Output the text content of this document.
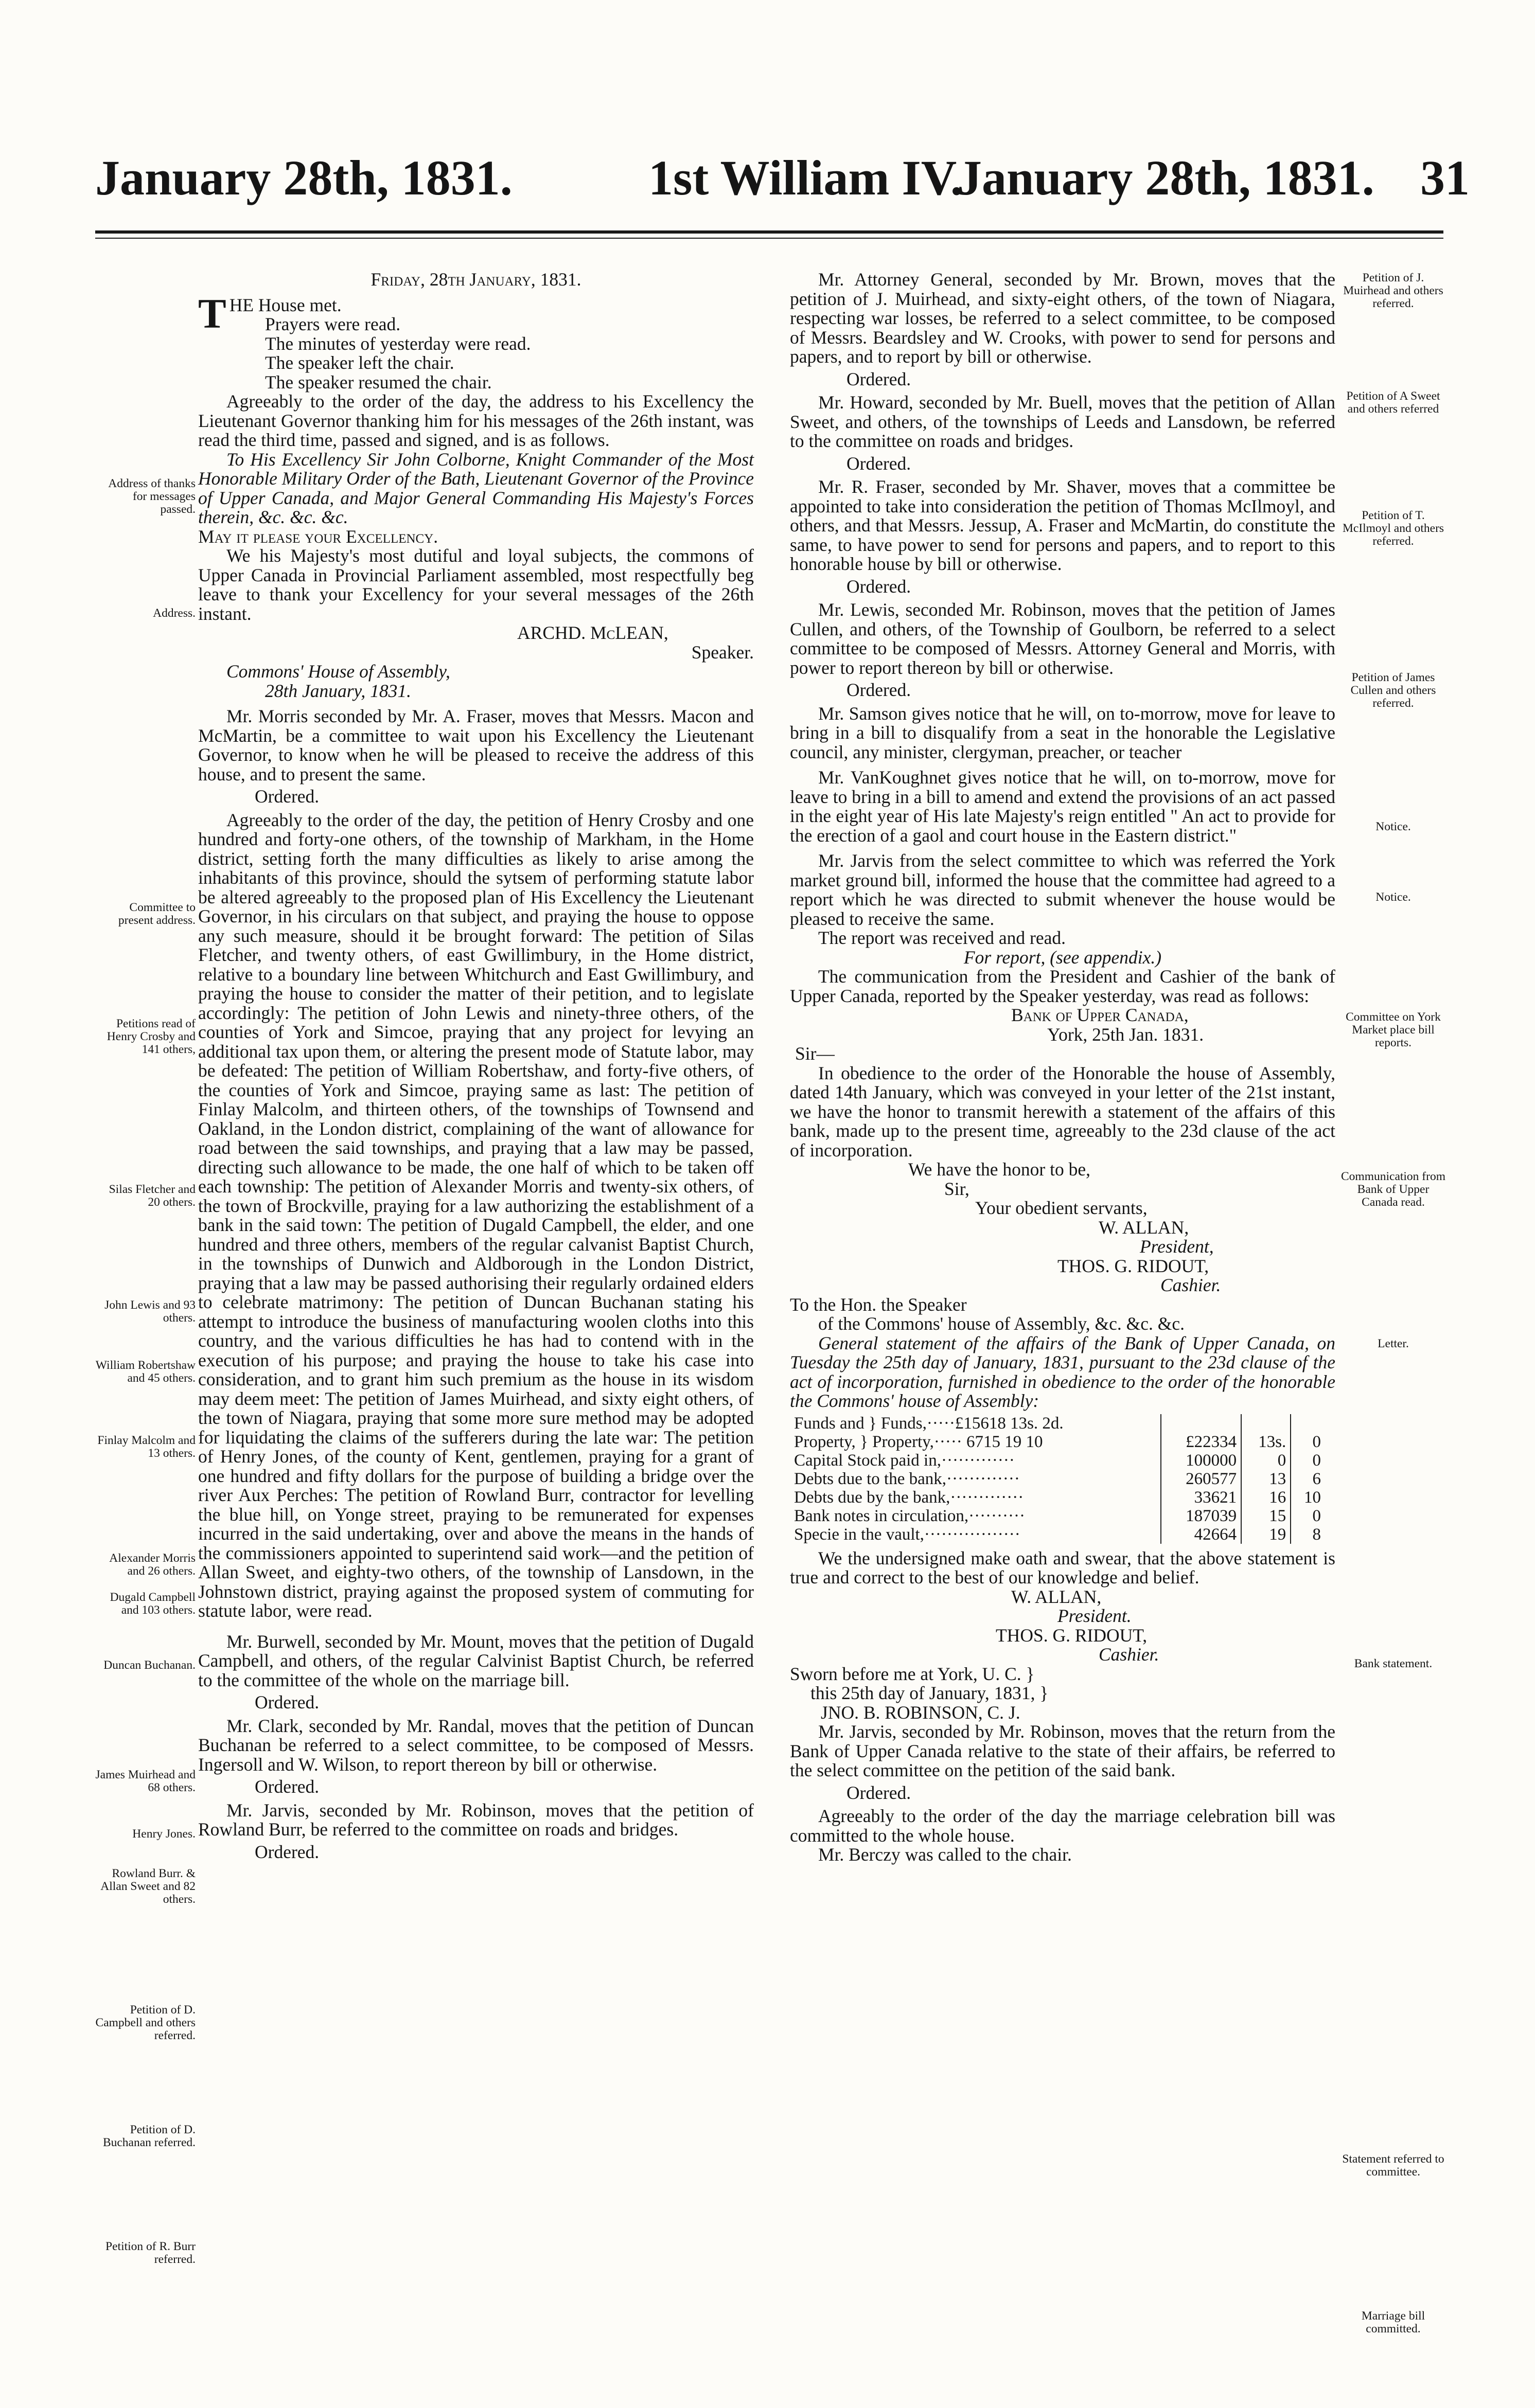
January 28th, 1831.	1st William IV.
January 28th, 1831. 31

Friday, 28th January, 1831.

THE House met.

Prayers were read.

The minutes of yesterday were read.

The speaker left the chair.

The speaker resumed the chair.

Agreeably to the order of the day, the address to his Excellency the Lieutenant Governor thanking him for his messages of the 26th instant, was read the third time, passed and signed, and is as follows.

To His Excellency Sir John Colborne, Knight Commander of the Most Honorable Military Order of the Bath, Lieutenant Governor of the Province of Upper Canada, and Major General Commanding His Majesty's Forces therein, &c. &c. &c.

May it please your Excellency.

We his Majesty's most dutiful and loyal subjects, the commons of Upper Canada in Provincial Parliament assembled, most respectfully beg leave to thank your Excellency for your several messages of the 26th instant.

ARCHD. McLEAN,

Speaker.

Commons' House of Assembly,

28th January, 1831.

Mr. Morris seconded by Mr. A. Fraser, moves that Messrs. Macon and McMartin, be a committee to wait upon his Excellency the Lieutenant Governor, to know when he will be pleased to receive the address of this house, and to present the same.

Ordered.

Agreeably to the order of the day, the petition of Henry Crosby and one hundred and forty-one others, of the township of Markham, in the Home district, setting forth the many difficulties as likely to arise among the inhabitants of this province, should the sytsem of performing statute labor be altered agreeably to the proposed plan of His Excellency the Lieutenant Governor, in his circulars on that subject, and praying the house to oppose any such measure, should it be brought forward: The petition of Silas Fletcher, and twenty others, of east Gwillimbury, in the Home district, relative to a boundary line between Whitchurch and East Gwillimbury, and praying the house to consider the matter of their petition, and to legislate accordingly: The petition of John Lewis and ninety-three others, of the counties of York and Simcoe, praying that any project for levying an additional tax upon them, or altering the present mode of Statute labor, may be defeated: The petition of William Robertshaw, and forty-five others, of the counties of York and Simcoe, praying same as last: The petition of Finlay Malcolm, and thirteen others, of the townships of Townsend and Oakland, in the London district, complaining of the want of allowance for road between the said townships, and praying that a law may be passed, directing such allowance to be made, the one half of which to be taken off each township: The petition of Alexander Morris and twenty-six others, of the town of Brockville, praying for a law authorizing the establishment of a bank in the said town: The petition of Dugald Campbell, the elder, and one hundred and three others, members of the regular calvanist Baptist Church, in the townships of Dunwich and Aldborough in the London District, praying that a law may be passed authorising their regularly ordained elders to celebrate matrimony: The petition of Duncan Buchanan stating his attempt to introduce the business of manufacturing woolen cloths into this country, and the various difficulties he has had to contend with in the execution of his purpose; and praying the house to take his case into consideration, and to grant him such premium as the house in its wisdom may deem meet: The petition of James Muirhead, and sixty eight others, of the town of Niagara, praying that some more sure method may be adopted for liquidating the claims of the sufferers during the late war: The petition of Henry Jones, of the county of Kent, gentlemen, praying for a grant of one hundred and fifty dollars for the purpose of building a bridge over the river Aux Perches: The petition of Rowland Burr, contractor for levelling the blue hill, on Yonge street, praying to be remunerated for expenses incurred in the said undertaking, over and above the means in the hands of the commissioners appointed to superintend said work—and the petition of Allan Sweet, and eighty-two others, of the township of Lansdown, in the Johnstown district, praying against the proposed system of commuting for statute labor, were read.

Mr. Burwell, seconded by Mr. Mount, moves that the petition of Dugald Campbell, and others, of the regular Calvinist Baptist Church, be referred to the committee of the whole on the marriage bill.

Ordered.

Mr. Clark, seconded by Mr. Randal, moves that the petition of Duncan Buchanan be referred to a select committee, to be composed of Messrs. Ingersoll and W. Wilson, to report thereon by bill or otherwise.

Ordered.

Mr. Jarvis, seconded by Mr. Robinson, moves that the petition of Rowland Burr, be referred to the committee on roads and bridges.

Ordered.

Mr. Attorney General, seconded by Mr. Brown, moves that the petition of J. Muirhead, and sixty-eight others, of the town of Niagara, respecting war losses, be referred to a select committee, to be composed of Messrs. Beardsley and W. Crooks, with power to send for persons and papers, and to report by bill or otherwise.

Ordered.

Mr. Howard, seconded by Mr. Buell, moves that the petition of Allan Sweet, and others, of the townships of Leeds and Lansdown, be referred to the committee on roads and bridges.

Ordered.

Mr. R. Fraser, seconded by Mr. Shaver, moves that a committee be appointed to take into consideration the petition of Thomas McIlmoyl, and others, and that Messrs. Jessup, A. Fraser and McMartin, do constitute the same, to have power to send for persons and papers, and to report to this honorable house by bill or otherwise.

Ordered.

Mr. Lewis, seconded Mr. Robinson, moves that the petition of James Cullen, and others, of the Township of Goulborn, be referred to a select committee to be composed of Messrs. Attorney General and Morris, with power to report thereon by bill or otherwise.

Ordered.

Mr. Samson gives notice that he will, on to-morrow, move for leave to bring in a bill to disqualify from a seat in the honorable the Legislative council, any minister, clergyman, preacher, or teacher

Mr. VanKoughnet gives notice that he will, on to-morrow, move for leave to bring in a bill to amend and extend the provisions of an act passed in the eight year of His late Majesty's reign entitled " An act to provide for the erection of a gaol and court house in the Eastern district."

Mr. Jarvis from the select committee to which was referred the York market ground bill, informed the house that the committee had agreed to a report which he was directed to submit whenever the house would be pleased to receive the same.

The report was received and read.

For report, (see appendix.)

The communication from the President and Cashier of the bank of Upper Canada, reported by the Speaker yesterday, was read as follows:

Bank of Upper Canada,

York, 25th Jan. 1831.

Sir—

In obedience to the order of the Honorable the house of Assembly, dated 14th January, which was conveyed in your letter of the 21st instant, we have the honor to transmit herewith a statement of the affairs of this bank, made up to the present time, agreeably to the 23d clause of the act of incorporation.

We have the honor to be,

Sir,

Your obedient servants,

W. ALLAN,

President,

THOS. G. RIDOUT,

Cashier.

To the Hon. the Speaker

of the Commons' house of Assembly, &c. &c. &c.

General statement of the affairs of the Bank of Upper Canada, on Tuesday the 25th day of January, 1831, pursuant to the 23d clause of the act of incorporation, furnished in obedience to the order of the honorable the Commons' house of Assembly:

Funds and } Funds,·····£15618 13s. 2d.			
Property, } Property,····· 6715 19 10	£22334	13s.	0
Capital Stock paid in,·············	100000	0	0
Debts due to the bank,·············	260577	13	6
Debts due by the bank,·············	33621	16	10
Bank notes in circulation,··········	187039	15	0
Specie in the vault,·················	42664	19	8

We the undersigned make oath and swear, that the above statement is true and correct to the best of our knowledge and belief.

W. ALLAN,

President.

THOS. G. RIDOUT,

Cashier.

Sworn before me at York, U. C. }

this 25th day of January, 1831, }

JNO. B. ROBINSON, C. J.

Mr. Jarvis, seconded by Mr. Robinson, moves that the return from the Bank of Upper Canada relative to the state of their affairs, be referred to the select committee on the petition of the said bank.

Ordered.

Agreeably to the order of the day the marriage celebration bill was committed to the whole house.

Mr. Berczy was called to the chair.

Address of thanks for messages passed.
Address.
Committee to present address.
Petitions read of Henry Crosby and 141 others,
Silas Fletcher and 20 others.
John Lewis and 93 others.
William Robertshaw and 45 others.
Finlay Malcolm and 13 others.
Alexander Morris and 26 others.
Dugald Campbell and 103 others.
Duncan Buchanan.
James Muirhead and 68 others.
Henry Jones.
Rowland Burr. & Allan Sweet and 82 others.
Petition of D. Campbell and others referred.
Petition of D. Buchanan referred.
Petition of R. Burr referred.
Petition of J. Muirhead and others referred.
Petition of A Sweet and others referred
Petition of T. McIlmoyl and others referred.
Petition of James Cullen and others referred.
Notice.
Notice.
Committee on York Market place bill reports.
Communication from Bank of Upper Canada read.
Letter.
Bank statement.
Statement referred to committee.
Marriage bill committed.
